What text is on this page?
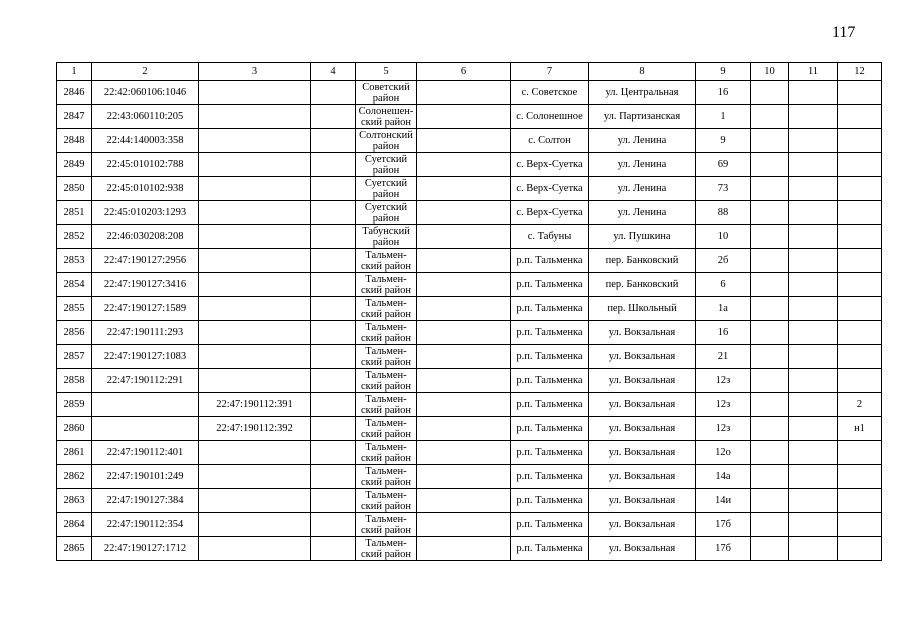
117
1	2	3	4	5	6	7	8	9	10	11	12
2846	22:42:060106:1046			Советский район		с. Советское	ул. Центральная	16			
2847	22:43:060110:205			Солонешен-ский район		с. Солонешное	ул. Партизанская	1			
2848	22:44:140003:358			Солтонский район		с. Солтон	ул. Ленина	9			
2849	22:45:010102:788			Суетский район		с. Верх-Суетка	ул. Ленина	69			
2850	22:45:010102:938			Суетский район		с. Верх-Суетка	ул. Ленина	73			
2851	22:45:010203:1293			Суетский район		с. Верх-Суетка	ул. Ленина	88			
2852	22:46:030208:208			Табунский район		с. Табуны	ул. Пушкина	10			
2853	22:47:190127:2956			Тальмен-ский район		р.п. Тальменка	пер. Банковский	2б			
2854	22:47:190127:3416			Тальмен-ский район		р.п. Тальменка	пер. Банковский	6			
2855	22:47:190127:1589			Тальмен-ский район		р.п. Тальменка	пер. Школьный	1а			
2856	22:47:190111:293			Тальмен-ский район		р.п. Тальменка	ул. Вокзальная	16			
2857	22:47:190127:1083			Тальмен-ский район		р.п. Тальменка	ул. Вокзальная	21			
2858	22:47:190112:291			Тальмен-ский район		р.п. Тальменка	ул. Вокзальная	12з			
2859		22:47:190112:391		Тальмен-ский район		р.п. Тальменка	ул. Вокзальная	12з			2
2860		22:47:190112:392		Тальмен-ский район		р.п. Тальменка	ул. Вокзальная	12з			н1
2861	22:47:190112:401			Тальмен-ский район		р.п. Тальменка	ул. Вокзальная	12о			
2862	22:47:190101:249			Тальмен-ский район		р.п. Тальменка	ул. Вокзальная	14а			
2863	22:47:190127:384			Тальмен-ский район		р.п. Тальменка	ул. Вокзальная	14и			
2864	22:47:190112:354			Тальмен-ский район		р.п. Тальменка	ул. Вокзальная	17б			
2865	22:47:190127:1712			Тальмен-ский район		р.п. Тальменка	ул. Вокзальная	17б			
